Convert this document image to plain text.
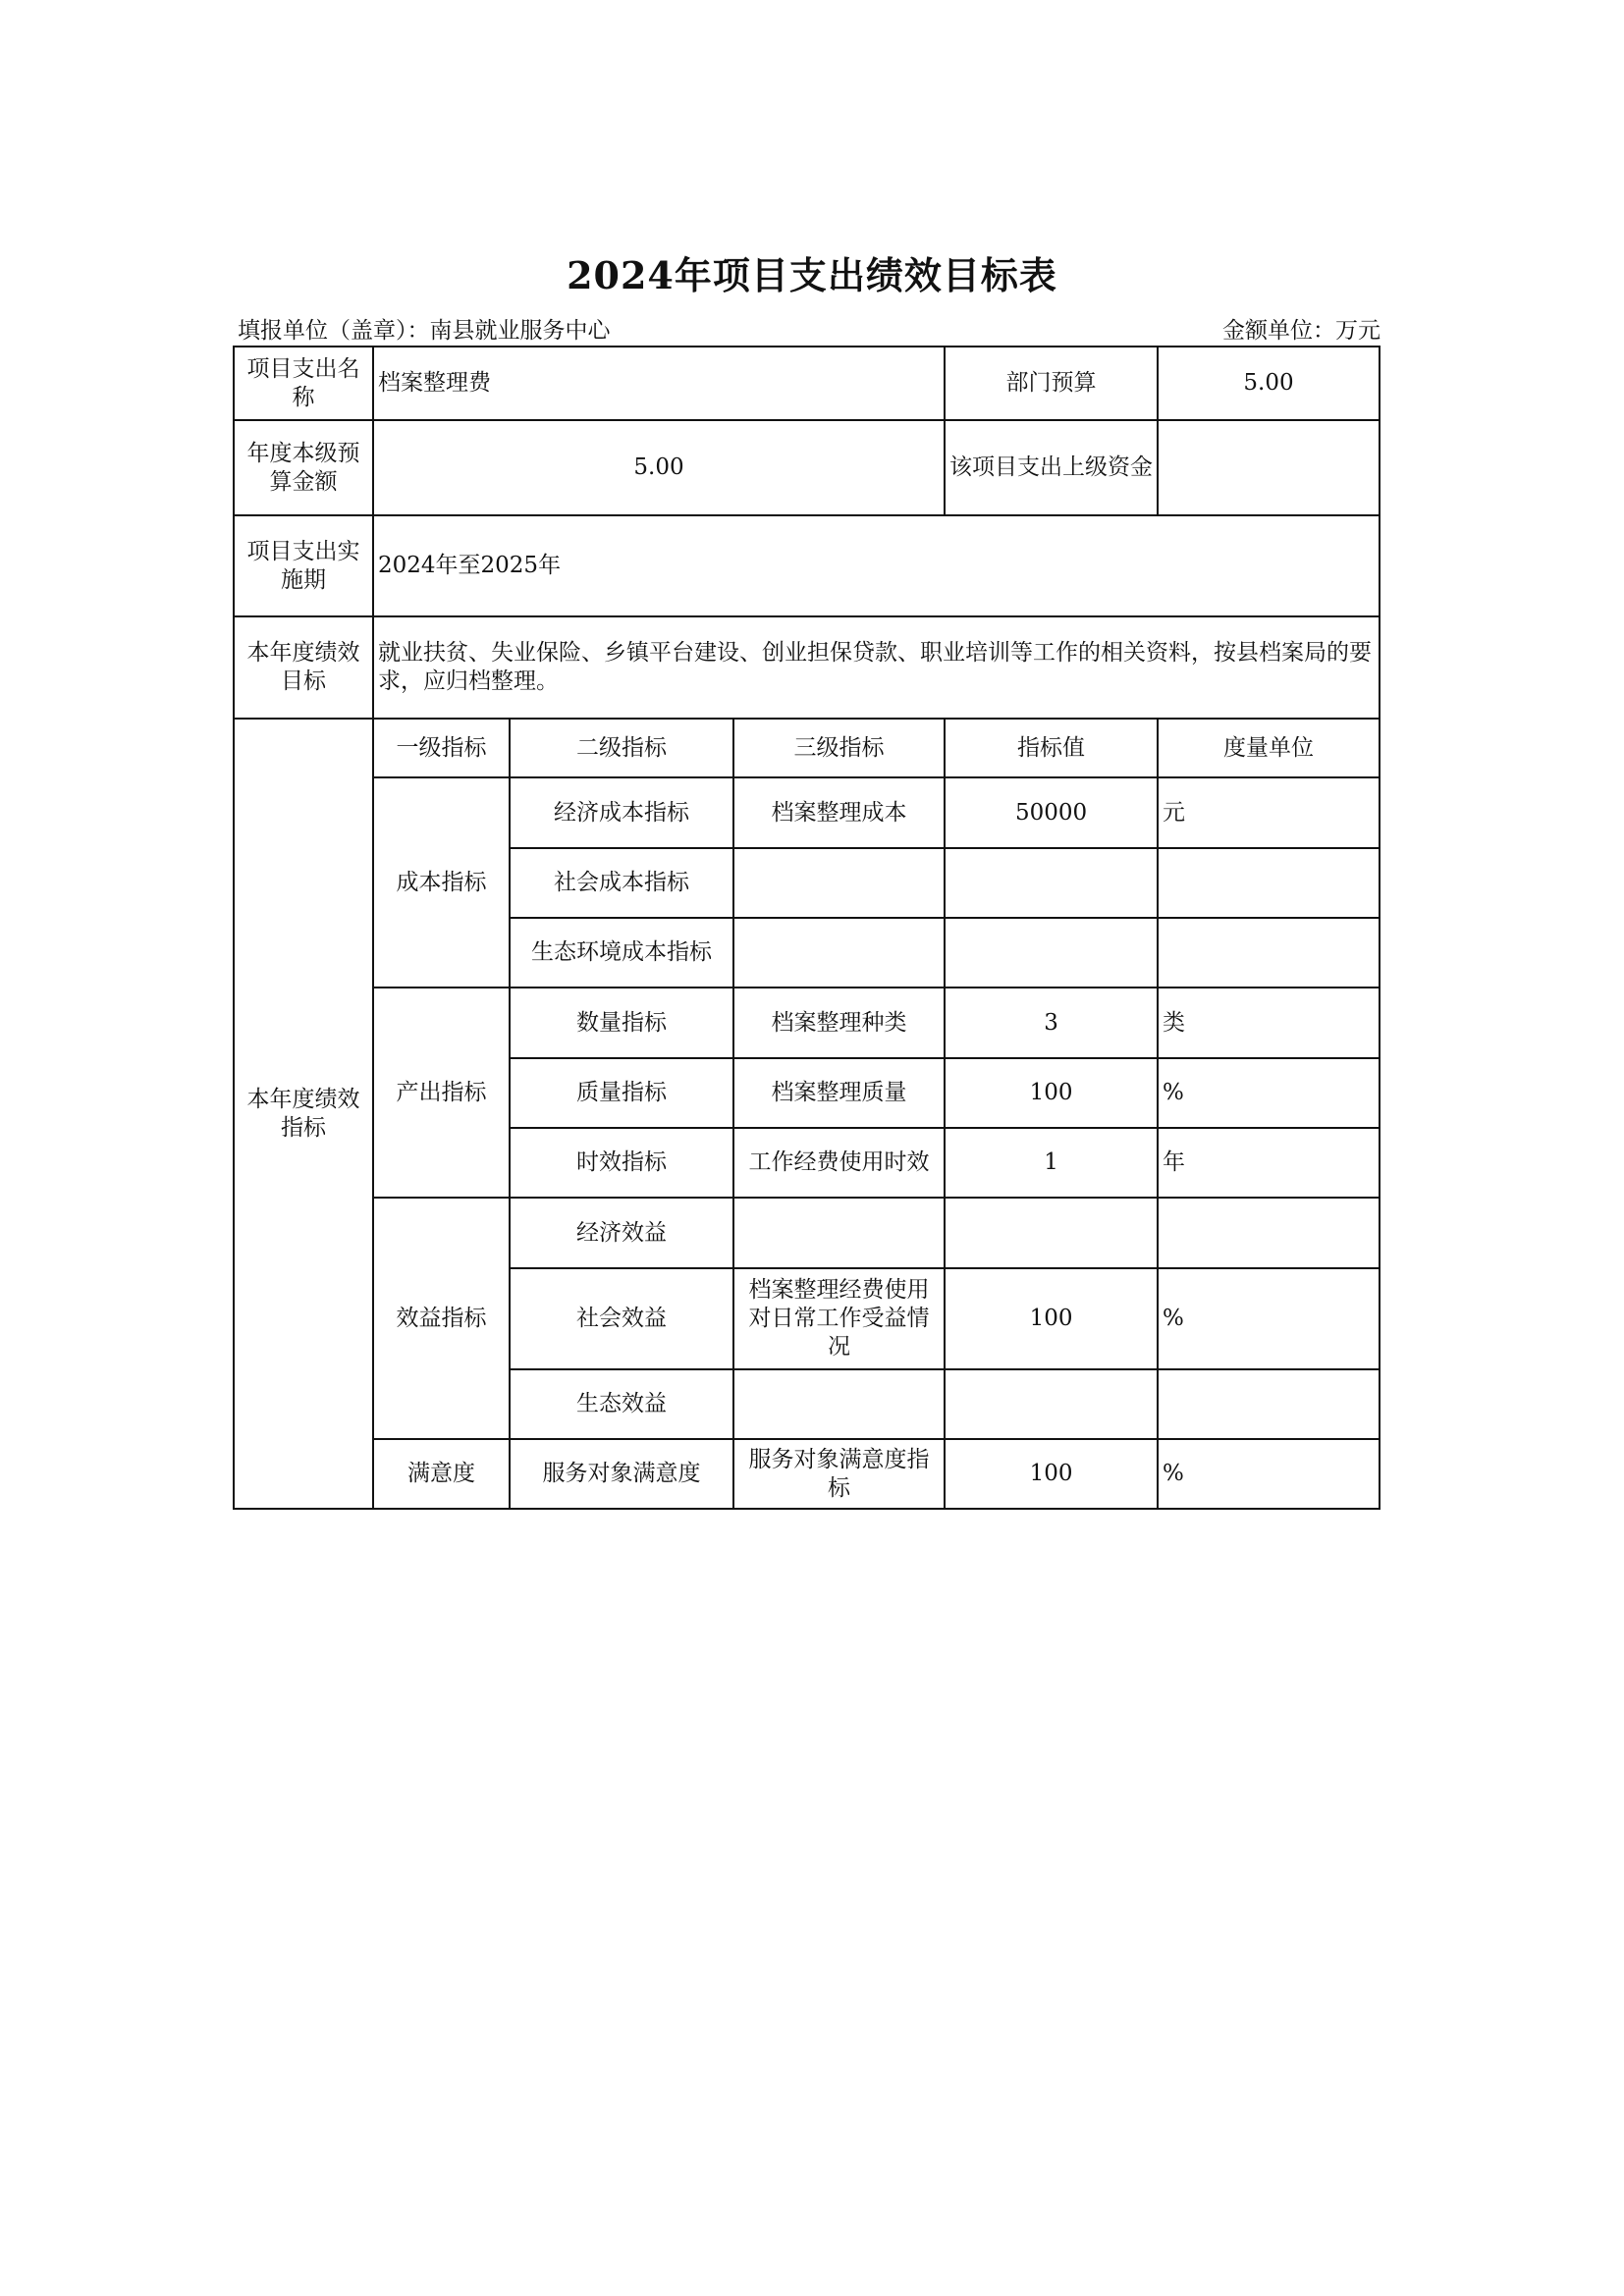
2024年项目支出绩效目标表
填报单位（盖章）：南县就业服务中心	金额单位：万元
项目支出名称	档案整理费			部门预算	5.00
年度本级预算金额	5.00			该项目支出上级资金	
项目支出实施期	2024年至2025年				
本年度绩效目标	就业扶贫、失业保险、乡镇平台建设、创业担保贷款、职业培训等工作的相关资料，按县档案局的要求，应归档整理。				
本年度绩效指标	一级指标	二级指标	三级指标	指标值	度量单位
	成本指标	经济成本指标	档案整理成本	50000	元
		社会成本指标			
		生态环境成本指标			
	产出指标	数量指标	档案整理种类	3	类
		质量指标	档案整理质量	100	%
		时效指标	工作经费使用时效	1	年
	效益指标	经济效益			
		社会效益	档案整理经费使用对日常工作受益情况	100	%
		生态效益			
	满意度	服务对象满意度	服务对象满意度指标	100	%
